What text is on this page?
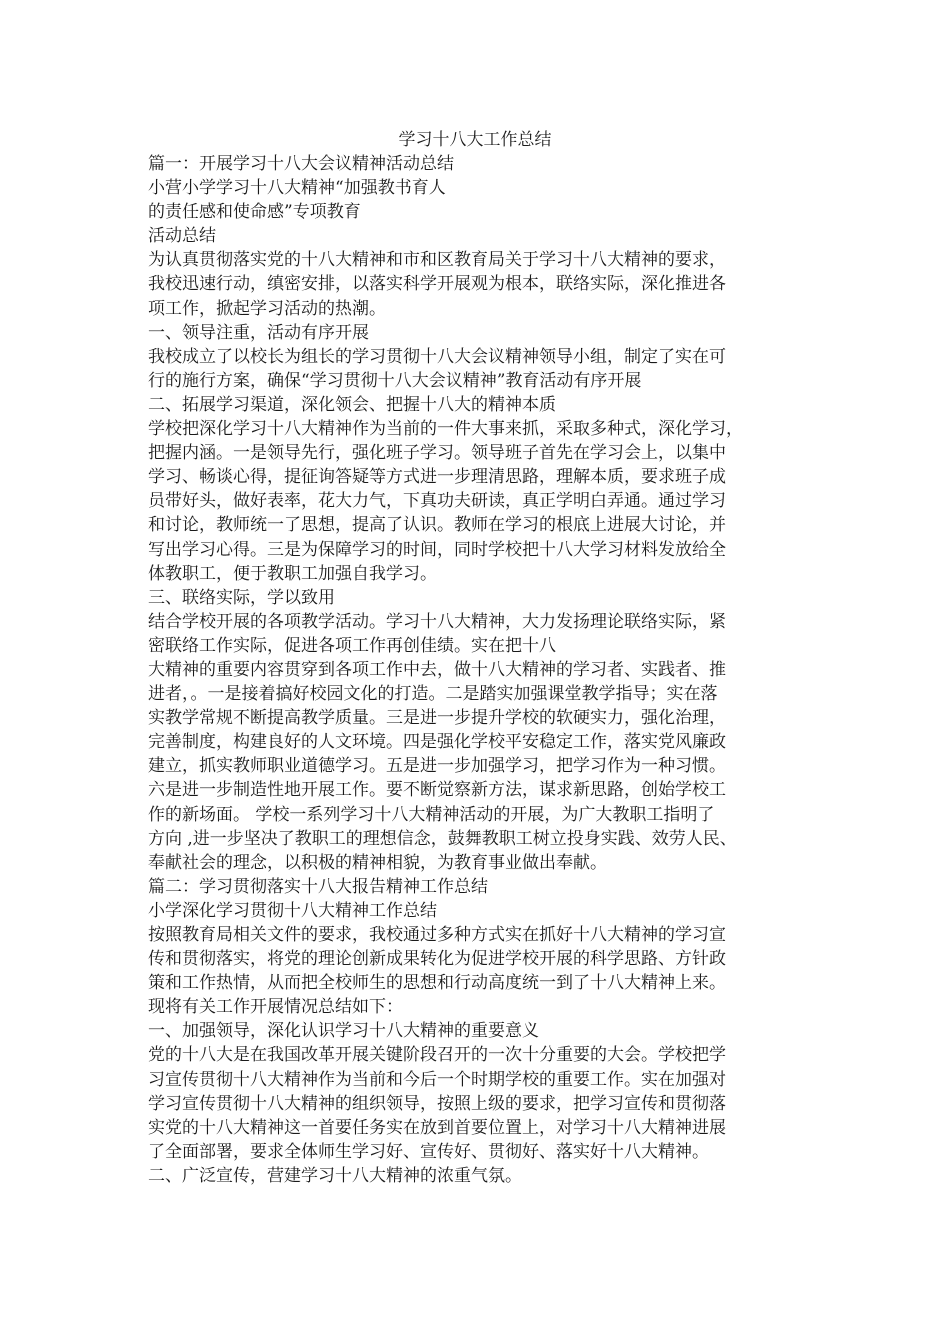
学习十八大工作总结
篇一：开展学习十八大会议精神活动总结
小营小学学习十八大精神“加强教书育人
的责任感和使命感”专项教育
活动总结
为认真贯彻落实党的十八大精神和市和区教育局关于学习十八大精神的要求，
我校迅速行动，缜密安排，以落实科学开展观为根本，联络实际，深化推进各
项工作，掀起学习活动的热潮。
一、领导注重，活动有序开展
我校成立了以校长为组长的学习贯彻十八大会议精神领导小组，制定了实在可
行的施行方案，确保“学习贯彻十八大会议精神”教育活动有序开展
二、拓展学习渠道，深化领会、把握十八大的精神本质
学校把深化学习十八大精神作为当前的一件大事来抓，采取多种式，深化学习，
把握内涵。一是领导先行，强化班子学习。领导班子首先在学习会上，以集中
学习、畅谈心得，提征询答疑等方式进一步理清思路，理解本质，要求班子成
员带好头，做好表率，花大力气，下真功夫研读，真正学明白弄通。通过学习
和讨论，教师统一了思想，提高了认识。教师在学习的根底上进展大讨论，并
写出学习心得。三是为保障学习的时间，同时学校把十八大学习材料发放给全
体教职工，便于教职工加强自我学习。
三、联络实际，学以致用
结合学校开展的各项教学活动。学习十八大精神，大力发扬理论联络实际，紧
密联络工作实际，促进各项工作再创佳绩。实在把十八
大精神的重要内容贯穿到各项工作中去，做十八大精神的学习者、实践者、推
进者，。一是接着搞好校园文化的打造。二是踏实加强课堂教学指导；实在落
实教学常规不断提高教学质量。三是进一步提升学校的软硬实力，强化治理，
完善制度，构建良好的人文环境。四是强化学校平安稳定工作，落实党风廉政
建立，抓实教师职业道德学习。五是进一步加强学习，把学习作为一种习惯。
六是进一步制造性地开展工作。要不断觉察新方法，谋求新思路，创始学校工
作的新场面。 学校一系列学习十八大精神活动的开展，为广大教职工指明了
方向 ,进一步坚决了教职工的理想信念，鼓舞教职工树立投身实践、效劳人民、
奉献社会的理念，以积极的精神相貌，为教育事业做出奉献。
篇二：学习贯彻落实十八大报告精神工作总结
小学深化学习贯彻十八大精神工作总结
按照教育局相关文件的要求，我校通过多种方式实在抓好十八大精神的学习宣
传和贯彻落实，将党的理论创新成果转化为促进学校开展的科学思路、方针政
策和工作热情，从而把全校师生的思想和行动高度统一到了十八大精神上来。
现将有关工作开展情况总结如下：
一、加强领导，深化认识学习十八大精神的重要意义
党的十八大是在我国改革开展关键阶段召开的一次十分重要的大会。学校把学
习宣传贯彻十八大精神作为当前和今后一个时期学校的重要工作。实在加强对
学习宣传贯彻十八大精神的组织领导，按照上级的要求，把学习宣传和贯彻落
实党的十八大精神这一首要任务实在放到首要位置上，对学习十八大精神进展
了全面部署，要求全体师生学习好、宣传好、贯彻好、落实好十八大精神。
二、广泛宣传，营建学习十八大精神的浓重气氛。
